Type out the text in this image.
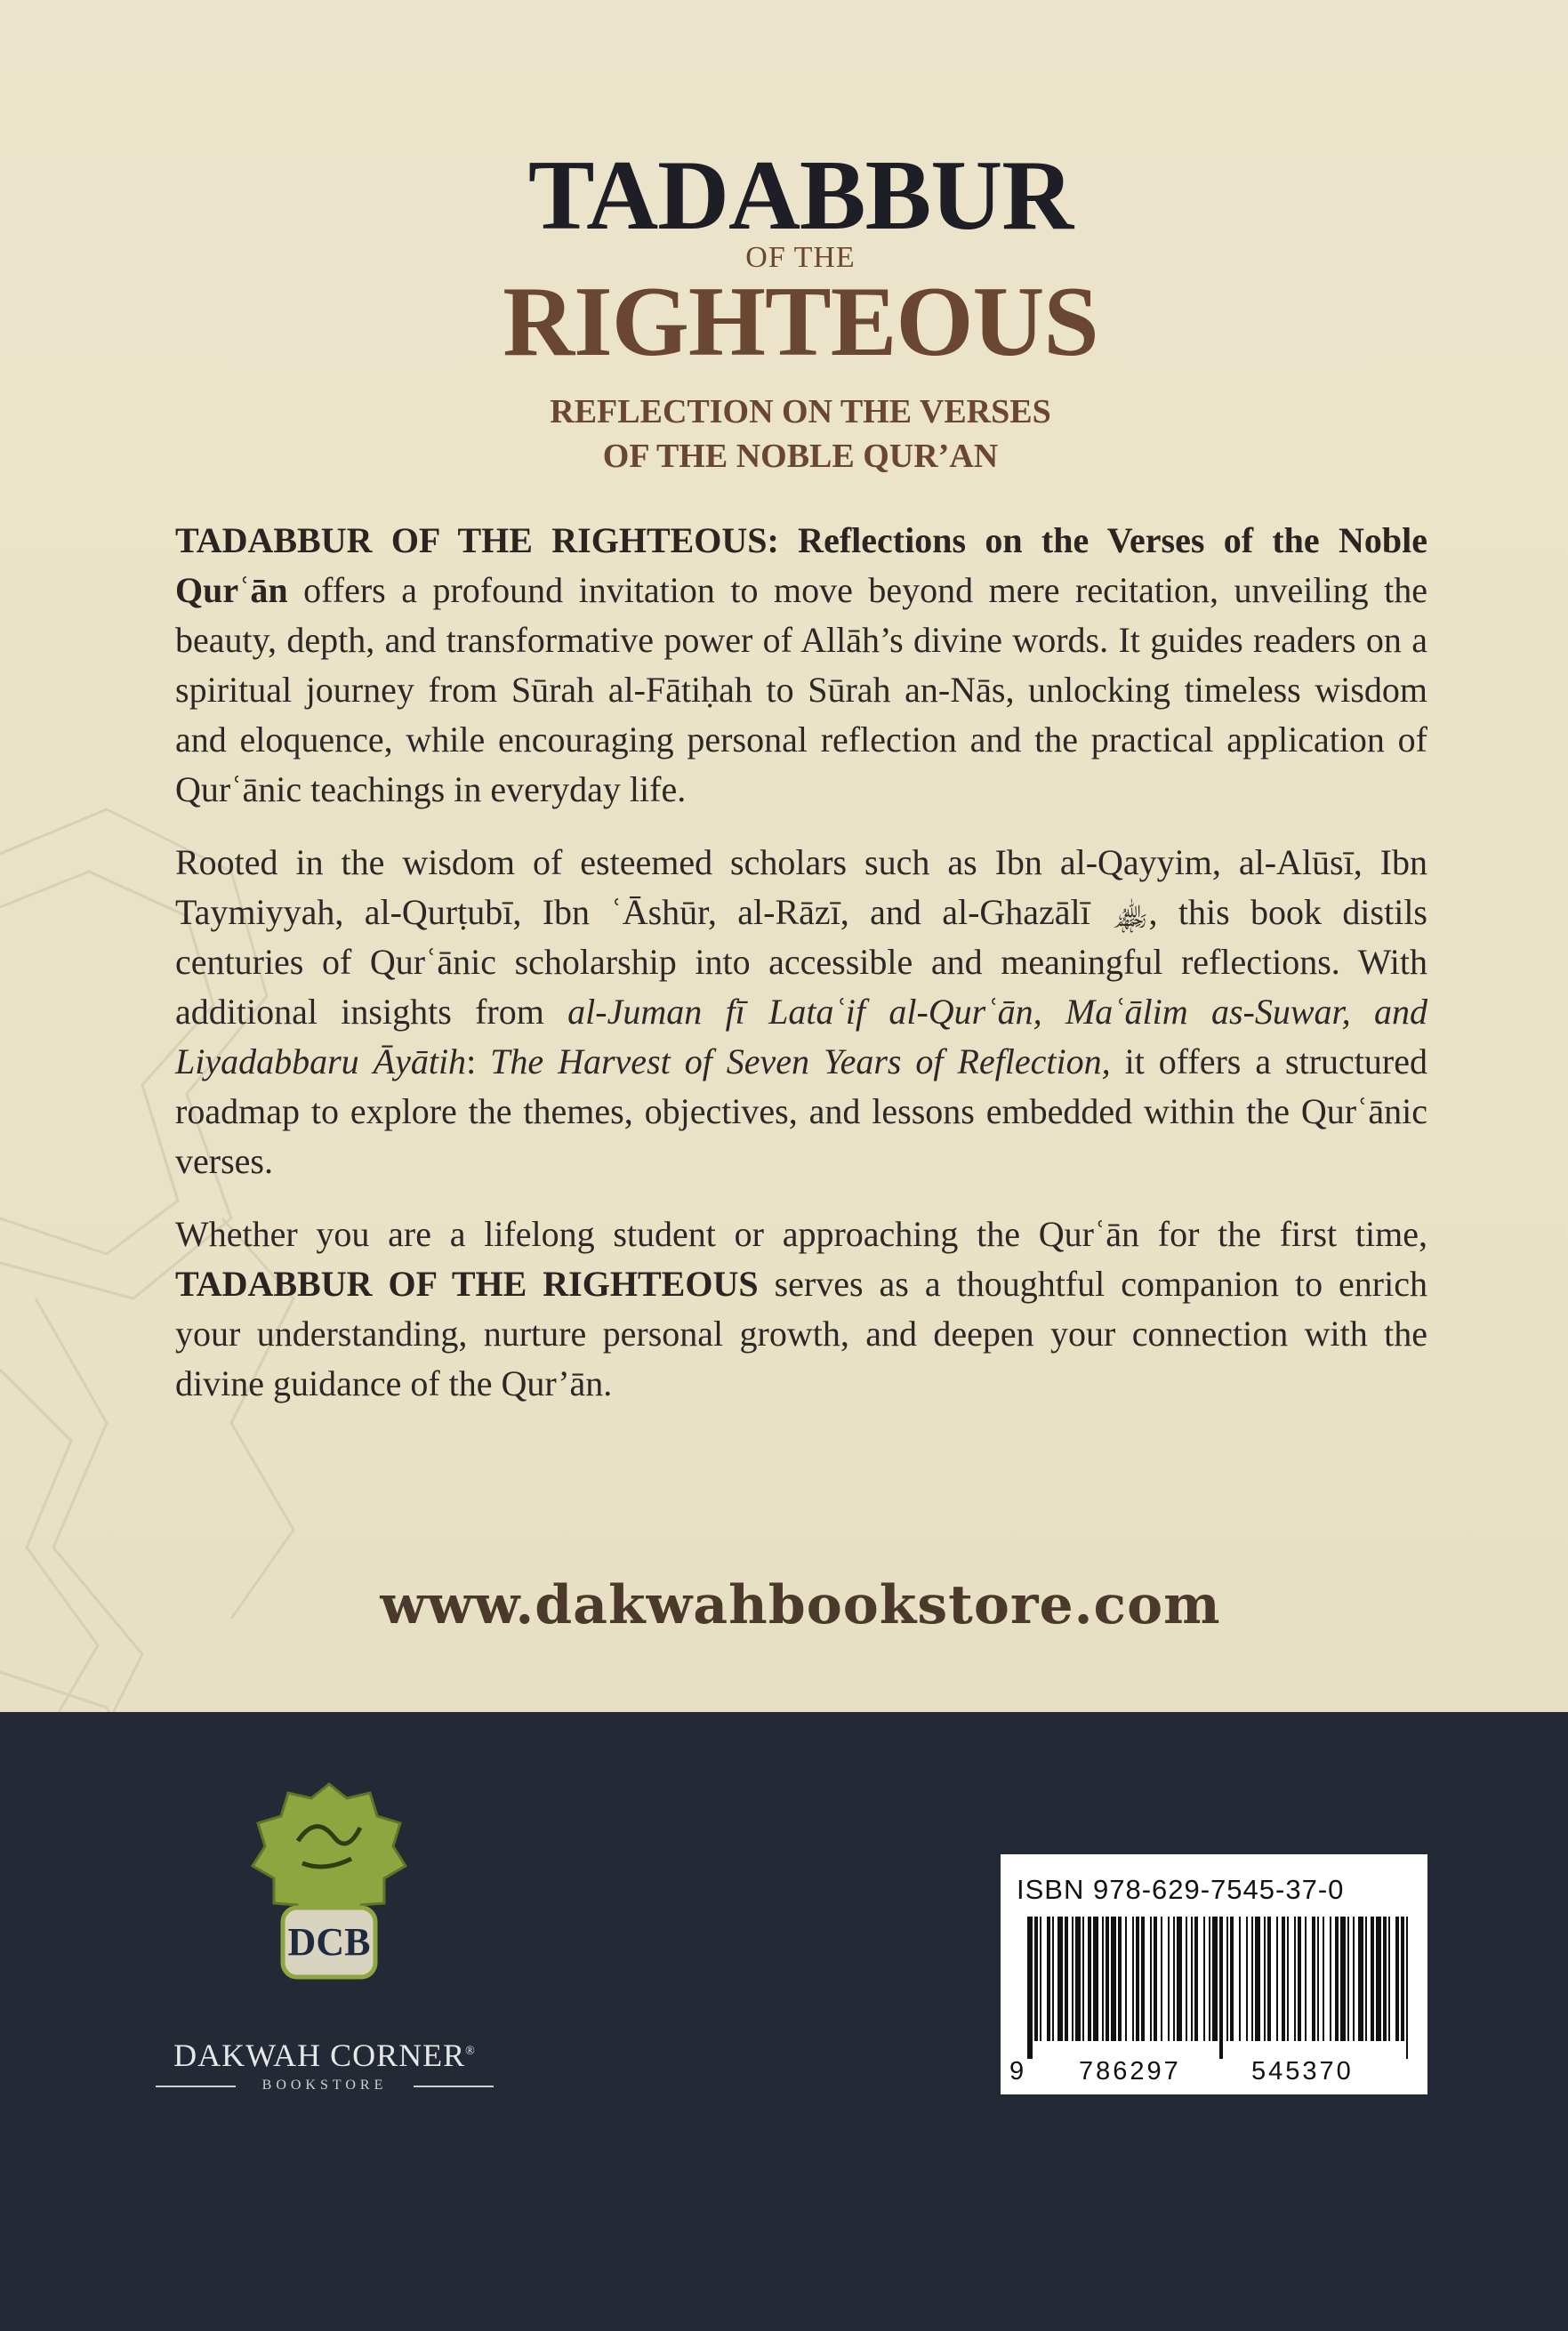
TADABBUR
OF THE
RIGHTEOUS
REFLECTION ON THE VERSES
OF THE NOBLE QUR’AN

TADABBUR OF THE RIGHTEOUS: Reflections on the Verses of the Noble Qurʿān offers a profound invitation to move beyond mere recitation, unveiling the beauty, depth, and transformative power of Allāh’s divine words. It guides readers on a spiritual journey from Sūrah al-Fātiḥah to Sūrah an-Nās, unlocking timeless wisdom and eloquence, while encouraging personal reflection and the practical application of Qurʿānic teachings in everyday life.

Rooted in the wisdom of esteemed scholars such as Ibn al-Qayyim, al-Alūsī, Ibn Taymiyyah, al-Qurṭubī, Ibn ʿĀshūr, al-Rāzī, and al-Ghazālī ﵏, this book distils centuries of Qurʿānic scholarship into accessible and meaningful reflections. With additional insights from al-Juman fī Lataʿif al-Qurʿān, Maʿālim as-Suwar, and Liyadabbaru Āyātih: The Harvest of Seven Years of Reflection, it offers a structured roadmap to explore the themes, objectives, and lessons embedded within the Qurʿānic verses.

Whether you are a lifelong student or approaching the Qurʿān for the first time, TADABBUR OF THE RIGHTEOUS serves as a thoughtful companion to enrich your understanding, nurture personal growth, and deepen your connection with the divine guidance of the Qur’ān.

www.dakwahbookstore.com
DCB
DAKWAH CORNER®
BOOKSTORE
ISBN 978-629-7545-37-0
9 786297	545370
